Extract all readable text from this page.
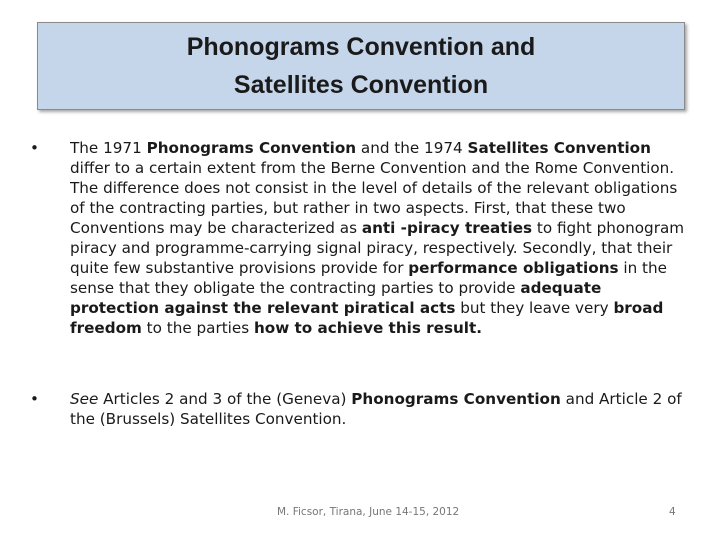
Phonograms Convention and
Satellites Convention
•	The 1971 Phonograms Convention and the 1974 Satellites Convention differ to a certain extent from the Berne Convention and the Rome Convention. The difference does not consist in the level of details of the relevant obligations of the contracting parties, but rather in two aspects. First, that these two Conventions may be characterized as anti -piracy treaties to fight phonogram piracy and programme-carrying signal piracy, respectively. Secondly, that their quite few substantive provisions provide for performance obligations in the sense that they obligate the contracting parties to provide adequate protection against the relevant piratical acts but they leave very broad freedom to the parties how to achieve this result.
•	See Articles 2 and 3 of the (Geneva) Phonograms Convention and Article 2 of the (Brussels) Satellites Convention.
M. Ficsor, Tirana, June 14-15, 2012	4
